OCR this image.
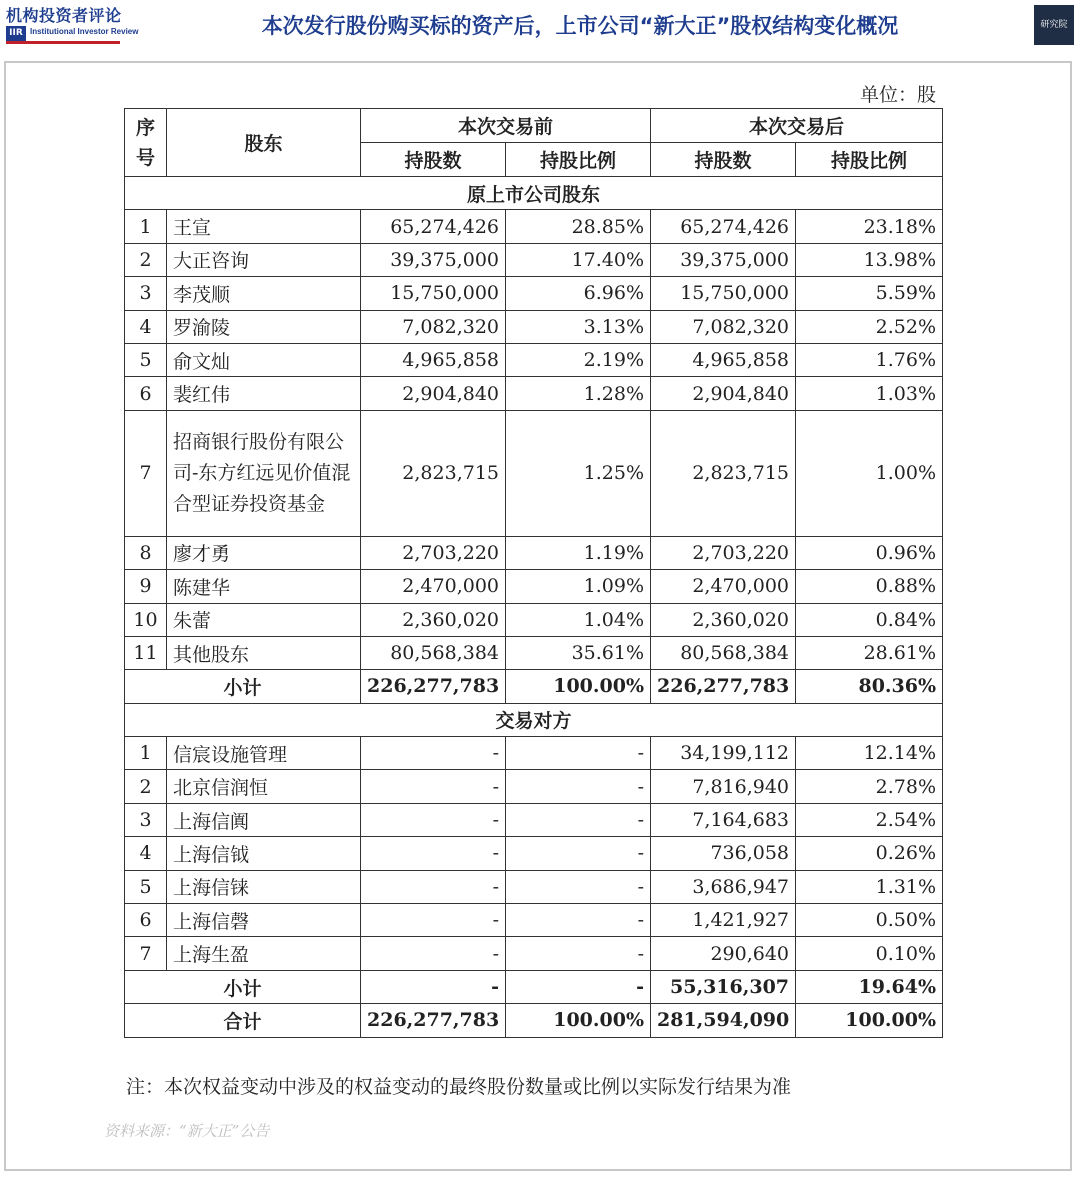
机构投资者评论
IIR Institutional Investor Review	本次发行股份购买标的资产后，上市公司“新大正”股权结构变化概况	研究院
单位：股
序
号	股东	本次交易前		本次交易后	
		持股数	持股比例	持股数	持股比例
原上市公司股东					
1	王宣	65,274,426	28.85%	65,274,426	23.18%
2	大正咨询	39,375,000	17.40%	39,375,000	13.98%
3	李茂顺	15,750,000	6.96%	15,750,000	5.59%
4	罗渝陵	7,082,320	3.13%	7,082,320	2.52%
5	俞文灿	4,965,858	2.19%	4,965,858	1.76%
6	裴红伟	2,904,840	1.28%	2,904,840	1.03%
7	招商银行股份有限公司-东方红远见价值混合型证券投资基金	2,823,715	1.25%	2,823,715	1.00%
8	廖才勇	2,703,220	1.19%	2,703,220	0.96%
9	陈建华	2,470,000	1.09%	2,470,000	0.88%
10	朱蕾	2,360,020	1.04%	2,360,020	0.84%
11	其他股东	80,568,384	35.61%	80,568,384	28.61%
小计		226,277,783	100.00%	226,277,783	80.36%
交易对方					
1	信宸设施管理	-	-	34,199,112	12.14%
2	北京信润恒	-	-	7,816,940	2.78%
3	上海信阗	-	-	7,164,683	2.54%
4	上海信钺	-	-	736,058	0.26%
5	上海信铼	-	-	3,686,947	1.31%
6	上海信磬	-	-	1,421,927	0.50%
7	上海生盈	-	-	290,640	0.10%
小计		-	-	55,316,307	19.64%
合计		226,277,783	100.00%	281,594,090	100.00%
注：本次权益变动中涉及的权益变动的最终股份数量或比例以实际发行结果为准
资料来源：“新大正”公告
